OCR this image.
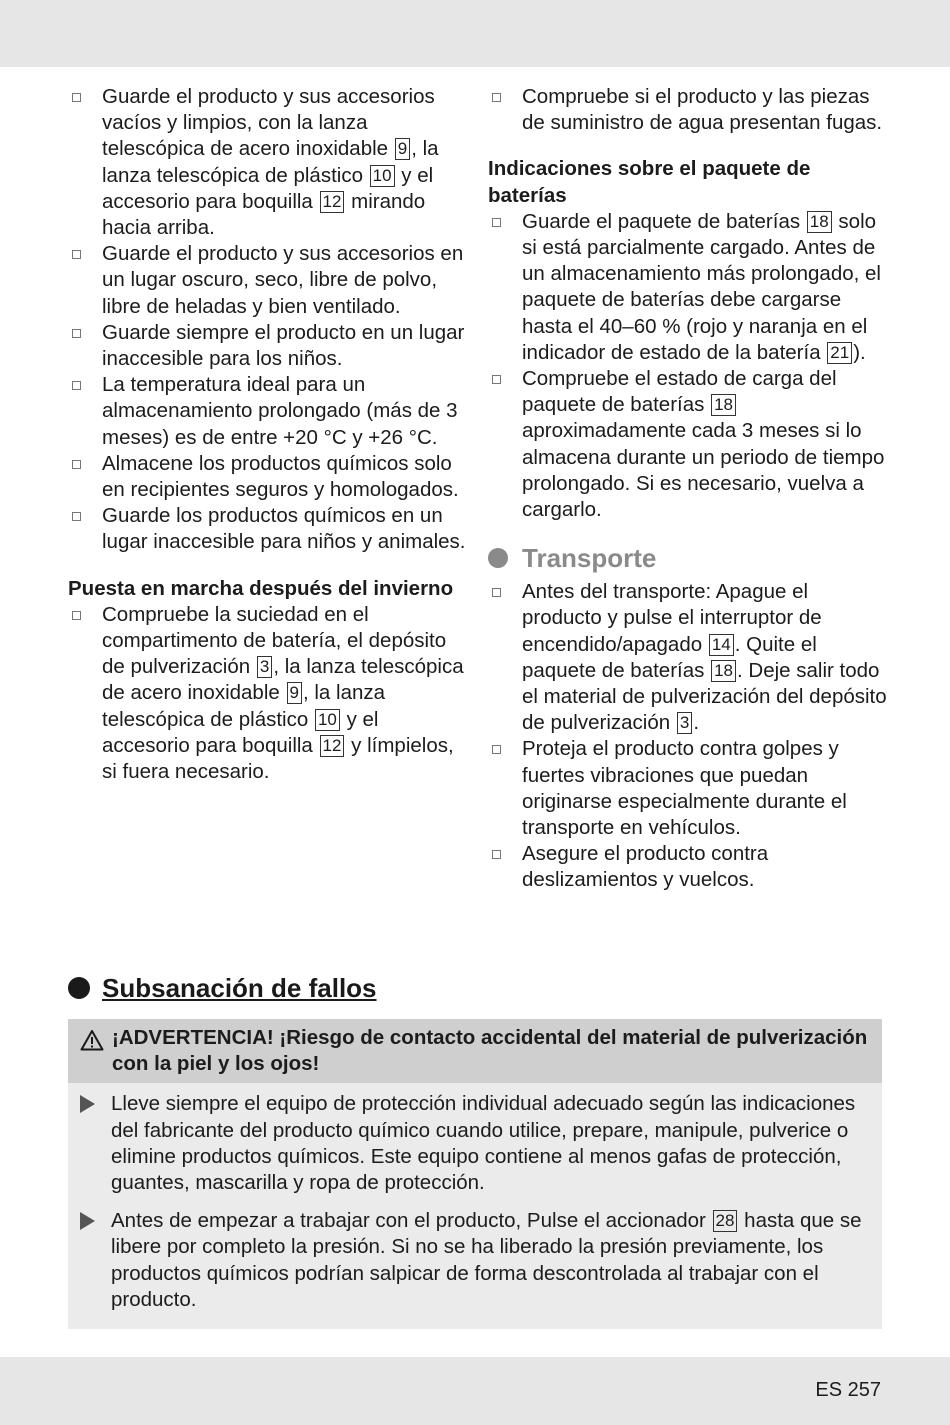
Guarde el producto y sus accesorios vacíos y limpios, con la lanza telescópica de acero inoxidable 9 , la lanza telescópica de plástico 10 y el accesorio para boquilla 12 mirando hacia arriba.
Guarde el producto y sus accesorios en un lugar oscuro, seco, libre de polvo, libre de heladas y bien ventilado.
Guarde siempre el producto en un lugar inaccesible para los niños.
La temperatura ideal para un almacenamiento prolongado (más de 3 meses) es de entre +20 °C y +26 °C.
Almacene los productos químicos solo en recipientes seguros y homologados.
Guarde los productos químicos en un lugar inaccesible para niños y animales.
Puesta en marcha después del invierno
Compruebe la suciedad en el compartimento de batería, el depósito de pulverización 3 , la lanza telescópica de acero inoxidable 9 , la lanza telescópica de plástico 10 y el accesorio para boquilla 12 y límpielos, si fuera necesario.
Compruebe si el producto y las piezas de suministro de agua presentan fugas.
Indicaciones sobre el paquete de baterías
Guarde el paquete de baterías 18 solo si está parcialmente cargado. Antes de un almacenamiento más prolongado, el paquete de baterías debe cargarse hasta el 40–60 % (rojo y naranja en el indicador de estado de la batería 21 ).
Compruebe el estado de carga del paquete de baterías 18 aproximadamente cada 3 meses si lo almacena durante un periodo de tiempo prolongado. Si es necesario, vuelva a cargarlo.
Transporte
Antes del transporte: Apague el producto y pulse el interruptor de encendido/apagado 14 . Quite el paquete de baterías 18 . Deje salir todo el material de pulverización del depósito de pulverización 3 .
Proteja el producto contra golpes y fuertes vibraciones que puedan originarse especialmente durante el transporte en vehículos.
Asegure el producto contra deslizamientos y vuelcos.
Subsanación de fallos
¡ADVERTENCIA! ¡Riesgo de contacto accidental del material de pulverización con la piel y los ojos!
Lleve siempre el equipo de protección individual adecuado según las indicaciones del fabricante del producto químico cuando utilice, prepare, manipule, pulverice o elimine productos químicos. Este equipo contiene al menos gafas de protección, guantes, mascarilla y ropa de protección.
Antes de empezar a trabajar con el producto, Pulse el accionador 28 hasta que se libere por completo la presión. Si no se ha liberado la presión previamente, los productos químicos podrían salpicar de forma descontrolada al trabajar con el producto.
ES 257
